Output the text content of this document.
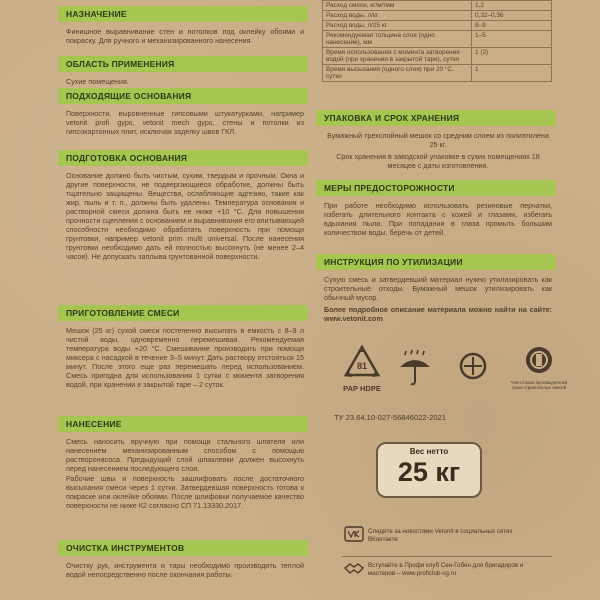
НАЗНАЧЕНИЕ
Финишное выравнивание стен и потолков под оклейку обоями и покраску. Для ручного и механизированного нанесения.
ОБЛАСТЬ ПРИМЕНЕНИЯ
Сухие помещения.
ПОДХОДЯЩИЕ ОСНОВАНИЯ
Поверхности, выровненные гипсовыми штукатурками, например vetonit profi gyps, vetonit mech gyps, стены и потолки из гипсокартонных плит, исключая заделку швов ГКЛ.
ПОДГОТОВКА ОСНОВАНИЯ
Основание должно быть чистым, сухим, твердым и прочным. Окна и другие поверхности, не подвергающиеся обработке, должны быть тщательно защищены. Вещества, ослабляющие адгезию, такие как жир, пыль и т. п., должны быть удалены. Температура основания и растворной смеси должна быть не ниже +10 °С. Для повышения прочности сцепления с основанием и выравнивания его впитывающей способности необходимо обработать поверхность при помощи грунтовки, например vetonit prim multi universal. После нанесения грунтовки необходимо дать ей полностью высохнуть (не менее 2–4 часов). Не допускать заплыва грунтованной поверхности.
ПРИГОТОВЛЕНИЕ СМЕСИ
Мешок (25 кг) сухой смеси постепенно высыпать в емкость с 8–9 л чистой воды, одновременно перемешивая. Рекомендуемая температура воды +20 °С. Смешивание производить при помощи миксера с насадкой в течение 3–5 минут. Дать раствору отстояться 15 минут. После этого еще раз перемешать перед использованием. Смесь пригодна для использования 1 сутки с момента затворения водой, при хранении в закрытой таре – 2 суток.
НАНЕСЕНИЕ
Смесь наносить вручную при помощи стального шпателя или нанесением механизированным способом с помощью растворонасоса. Предыдущий слой шпаклевки должен высохнуть перед нанесением последующего слоя.
Рабочие швы и поверхность зашлифовать после достаточного высыхания смеси через 1 сутки. Затвердевшая поверхность готова к покраске или оклейке обоями. После шлифовки получаемое качество поверхности не ниже К2 согласно СП 71.13330.2017.
ОЧИСТКА ИНСТРУМЕНТОВ
Очистку рук, инструмента и тары необходимо производить теплой водой непосредственно после окончания работы.
Расход смеси, кг/м²/мм	1,2
Расход воды, л/кг	0,32–0,36
Расход воды, л/25 кг	8–9
Рекомендуемая толщина слоя (одно нанесение), мм	1–5
Время использования с момента затворения водой (при хранении в закрытой таре), сутки	1 (2)
Время высыхания (одного слоя) при 20 °С, сутки	1
УПАКОВКА И СРОК ХРАНЕНИЯ
Бумажный трехслойный мешок со средним слоем из полиэтилена 25 кг.
Срок хранения в заводской упаковке в сухих помещениях 18 месяцев с даты изготовления.
МЕРЫ ПРЕДОСТОРОЖНОСТИ
При работе необходимо использовать резиновые перчатки, избегать длительного контакта с кожей и глазами, избегать вдыхания пыли. При попадании в глаза промыть большим количеством воды, беречь от детей.
ИНСТРУКЦИЯ ПО УТИЛИЗАЦИИ
Сухую смесь и затвердевший материал нужно утилизировать как строительные отходы. Бумажный мешок утилизировать как обычный мусор.
Более подробное описание материала можно найти на сайте: www.vetonit.com
81
PAP HDPE
Член Союза производителей сухих строительных смесей
ТУ 23.64.10-027-56846022-2021
Вес нетто
25 кг
Следите за новостями Vetonit в социальных сетях ВКонтакте
Вступайте в Профи клуб Сен-Гобен для бригадиров и мастеров – www.proficlub-sg.ru
